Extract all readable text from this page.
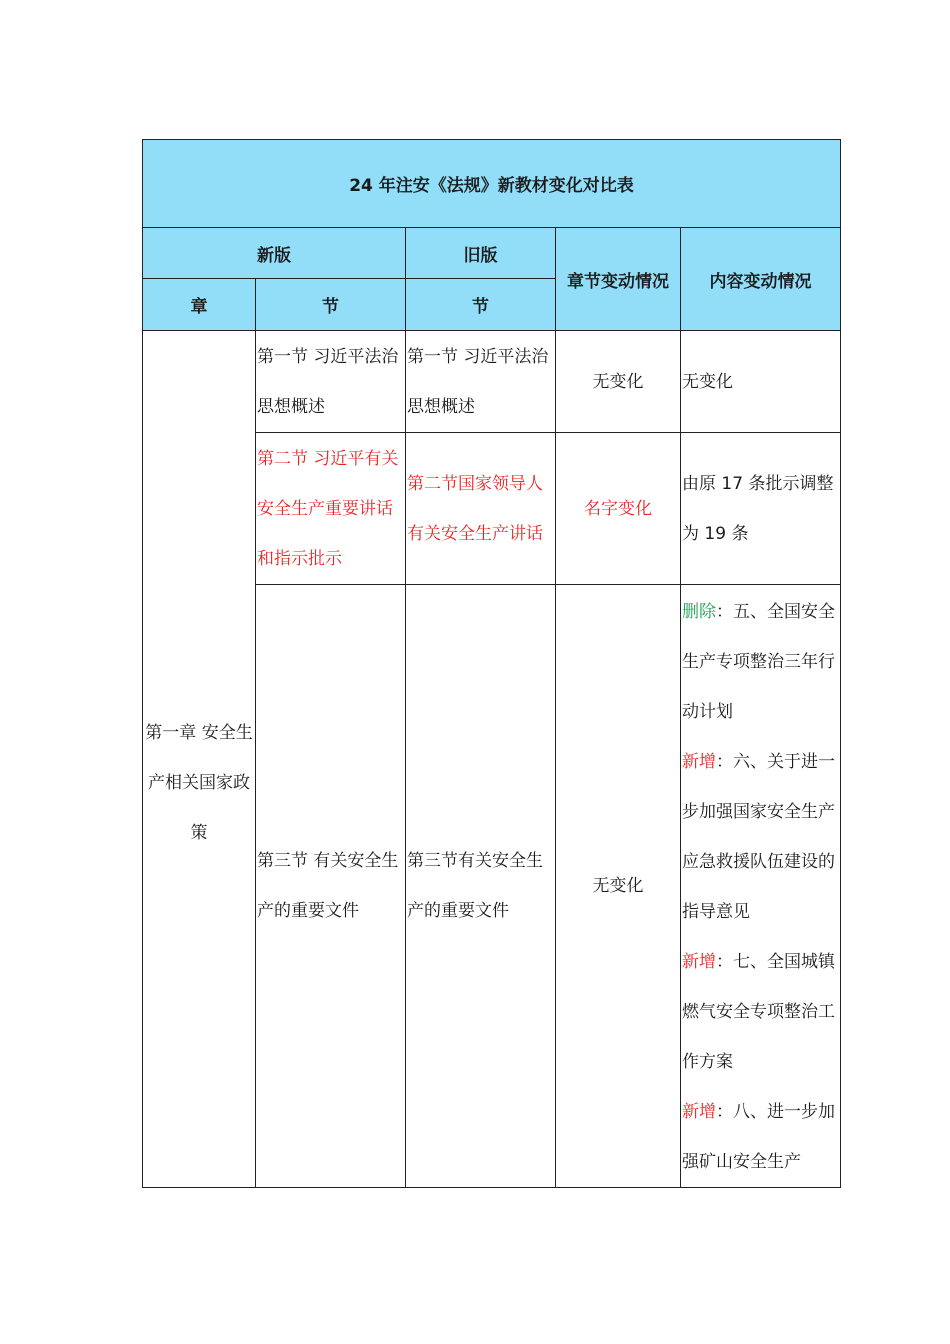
24 年注安《法规》新教材变化对比表				
新版		旧版	章节变动情况	内容变动情况
章	节	节		

第一章 安全生产相关国家政策	第一节 习近平法治思想概述	第一节 习近平法治思想概述	无变化	无变化
	第二节 习近平有关安全生产重要讲话和指示批示	第二节国家领导人有关安全生产讲话	名字变化	由原 17 条批示调整为 19 条
	第三节 有关安全生产的重要文件	第三节有关安全生产的重要文件	无变化	删除：五、全国安全生产专项整治三年行动计划
新增：六、关于进一步加强国家安全生产应急救援队伍建设的指导意见
新增：七、全国城镇燃气安全专项整治工作方案
新增：八、进一步加强矿山安全生产
